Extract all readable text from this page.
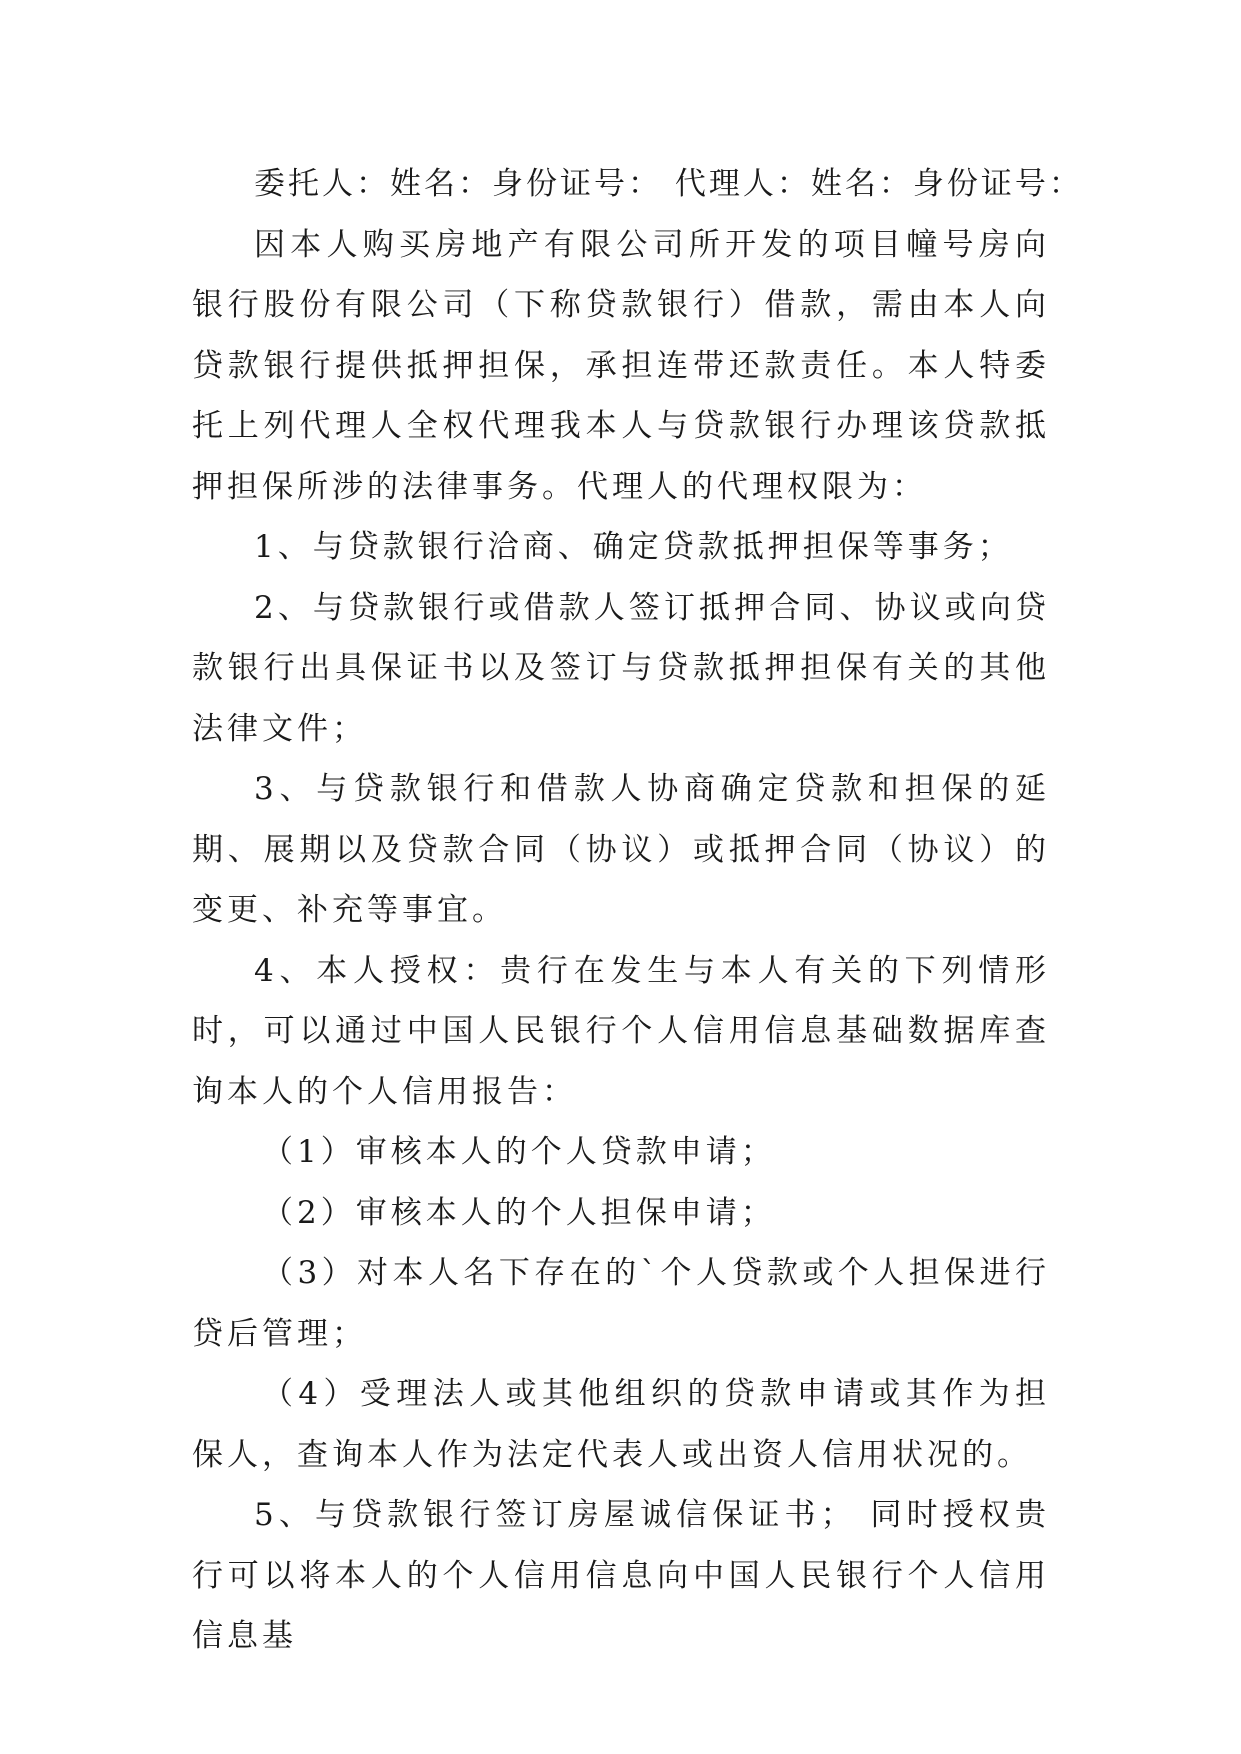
委托人：姓名：身份证号： 代理人：姓名：身份证号：

因本人购买房地产有限公司所开发的项目幢号房向银行股份有限公司（下称贷款银行）借款，需由本人向贷款银行提供抵押担保，承担连带还款责任。本人特委托上列代理人全权代理我本人与贷款银行办理该贷款抵押担保所涉的法律事务。代理人的代理权限为：

1、与贷款银行洽商、确定贷款抵押担保等事务；

2、与贷款银行或借款人签订抵押合同、协议或向贷款银行出具保证书以及签订与贷款抵押担保有关的其他法律文件；

3、与贷款银行和借款人协商确定贷款和担保的延期、展期以及贷款合同（协议）或抵押合同（协议）的变更、补充等事宜。

4、本人授权：贵行在发生与本人有关的下列情形时，可以通过中国人民银行个人信用信息基础数据库查询本人的个人信用报告：

（1）审核本人的个人贷款申请；

（2）审核本人的个人担保申请；

（3）对本人名下存在的`个人贷款或个人担保进行贷后管理；

（4）受理法人或其他组织的贷款申请或其作为担保人，查询本人作为法定代表人或出资人信用状况的。

5、与贷款银行签订房屋诚信保证书； 同时授权贵行可以将本人的个人信用信息向中国人民银行个人信用信息基
